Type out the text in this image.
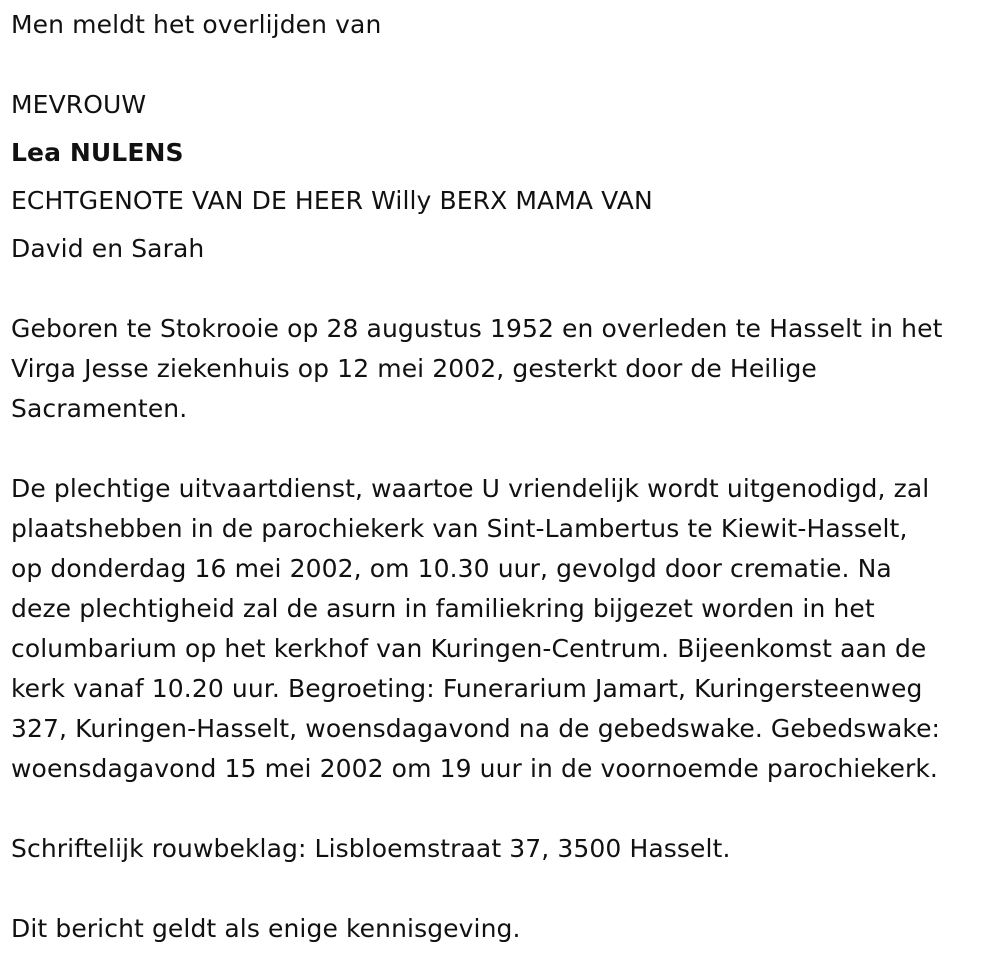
Men meldt het overlijden van
MEVROUW
Lea NULENS
ECHTGENOTE VAN DE HEER Willy BERX MAMA VAN
David en Sarah
Geboren te Stokrooie op 28 augustus 1952 en overleden te Hasselt in het
Virga Jesse ziekenhuis op 12 mei 2002, gesterkt door de Heilige
Sacramenten.
De plechtige uitvaartdienst, waartoe U vriendelijk wordt uitgenodigd, zal
plaatshebben in de parochiekerk van Sint-Lambertus te Kiewit-Hasselt,
op donderdag 16 mei 2002, om 10.30 uur, gevolgd door crematie. Na
deze plechtigheid zal de asurn in familiekring bijgezet worden in het
columbarium op het kerkhof van Kuringen-Centrum. Bijeenkomst aan de
kerk vanaf 10.20 uur. Begroeting: Funerarium Jamart, Kuringersteenweg
327, Kuringen-Hasselt, woensdagavond na de gebedswake. Gebedswake:
woensdagavond 15 mei 2002 om 19 uur in de voornoemde parochiekerk.
Schriftelijk rouwbeklag: Lisbloemstraat 37, 3500 Hasselt.
Dit bericht geldt als enige kennisgeving.
